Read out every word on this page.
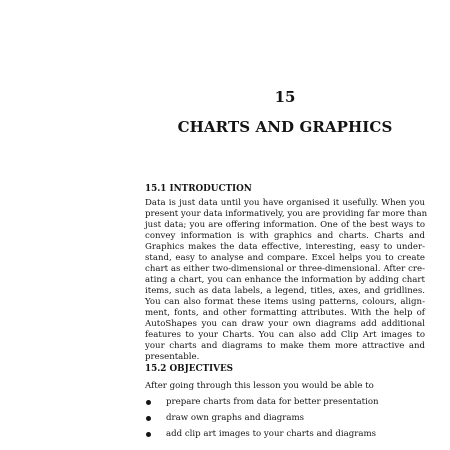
15
CHARTS AND GRAPHICS
15.1 INTRODUCTION
Data is just data until you have organised it usefully. When you
present your data informatively, you are providing far more than
just data; you are offering information. One of the best ways to
convey information is with graphics and charts. Charts and
Graphics makes the data effective, interesting, easy to under-
stand, easy to analyse and compare. Excel helps you to create
chart as either two-dimensional or three-dimensional. After cre-
ating a chart, you can enhance the information by adding chart
items, such as data labels, a legend, titles, axes, and gridlines.
You can also format these items using patterns, colours, align-
ment, fonts, and other formatting attributes. With the help of
AutoShapes you can draw your own diagrams add additional
features to your Charts. You can also add Clip Art images to
your charts and diagrams to make them more attractive and
presentable.
15.2 OBJECTIVES
After going through this lesson you would be able to
prepare charts from data for better presentation
draw own graphs and diagrams
add clip art images to your charts and diagrams
